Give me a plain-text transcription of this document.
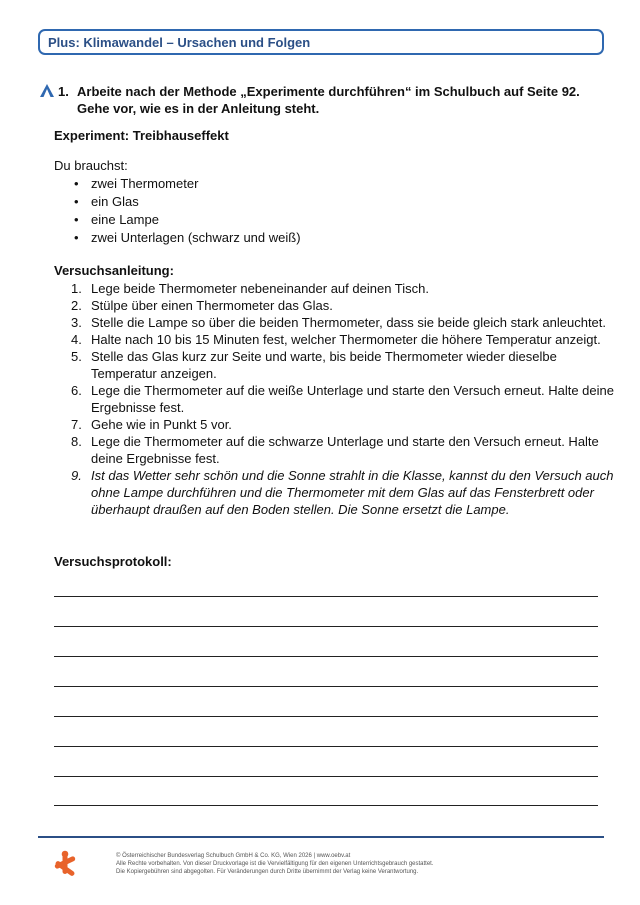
Plus: Klimawandel – Ursachen und Folgen
1. Arbeite nach der Methode „Experimente durchführen“ im Schulbuch auf Seite 92. Gehe vor, wie es in der Anleitung steht.
Experiment: Treibhauseffekt
Du brauchst:
• zwei Thermometer
• ein Glas
• eine Lampe
• zwei Unterlagen (schwarz und weiß)
Versuchsanleitung:
1. Lege beide Thermometer nebeneinander auf deinen Tisch.
2. Stülpe über einen Thermometer das Glas.
3. Stelle die Lampe so über die beiden Thermometer, dass sie beide gleich stark anleuchtet.
4. Halte nach 10 bis 15 Minuten fest, welcher Thermometer die höhere Temperatur anzeigt.
5. Stelle das Glas kurz zur Seite und warte, bis beide Thermometer wieder dieselbe Temperatur anzeigen.
6. Lege die Thermometer auf die weiße Unterlage und starte den Versuch erneut. Halte deine Ergebnisse fest.
7. Gehe wie in Punkt 5 vor.
8. Lege die Thermometer auf die schwarze Unterlage und starte den Versuch erneut. Halte deine Ergebnisse fest.
9. Ist das Wetter sehr schön und die Sonne strahlt in die Klasse, kannst du den Versuch auch ohne Lampe durchführen und die Thermometer mit dem Glas auf das Fensterbrett oder überhaupt draußen auf den Boden stellen. Die Sonne ersetzt die Lampe.
Versuchsprotokoll:
© Österreichischer Bundesverlag Schulbuch GmbH & Co. KG, Wien 2026 | www.oebv.at
Alle Rechte vorbehalten. Von dieser Druckvorlage ist die Vervielfältigung für den eigenen Unterrichtsgebrauch gestattet.
Die Kopiergebühren sind abgegolten. Für Veränderungen durch Dritte übernimmt der Verlag keine Verantwortung.
